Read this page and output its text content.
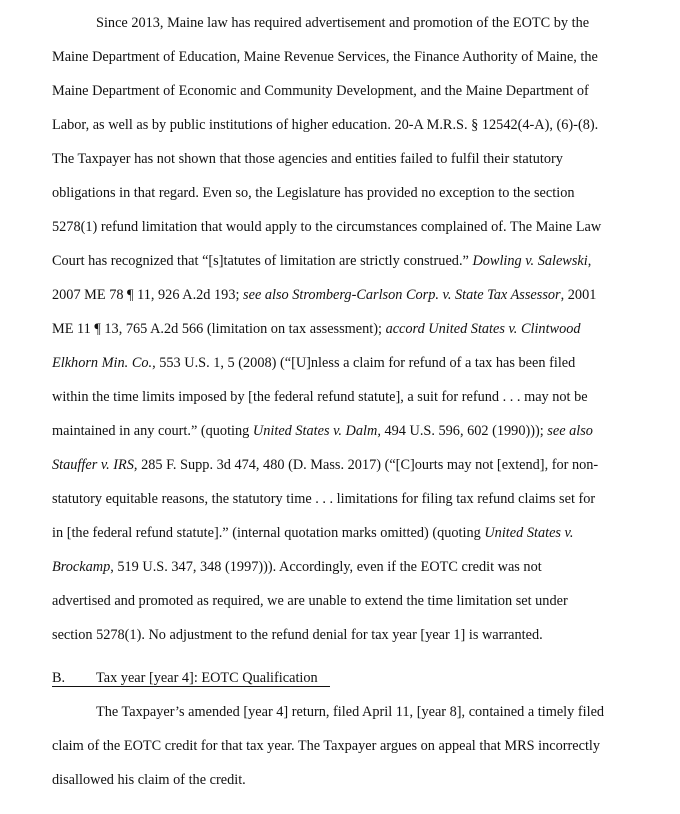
Since 2013, Maine law has required advertisement and promotion of the EOTC by the
Maine Department of Education, Maine Revenue Services, the Finance Authority of Maine, the
Maine Department of Economic and Community Development, and the Maine Department of
Labor, as well as by public institutions of higher education. 20-A M.R.S. § 12542(4-A), (6)-(8).
The Taxpayer has not shown that those agencies and entities failed to fulfil their statutory
obligations in that regard. Even so, the Legislature has provided no exception to the section
5278(1) refund limitation that would apply to the circumstances complained of. The Maine Law
Court has recognized that “[s]tatutes of limitation are strictly construed.” Dowling v. Salewski,
2007 ME 78 ¶ 11, 926 A.2d 193; see also Stromberg-Carlson Corp. v. State Tax Assessor, 2001
ME 11 ¶ 13, 765 A.2d 566 (limitation on tax assessment); accord United States v. Clintwood
Elkhorn Min. Co., 553 U.S. 1, 5 (2008) (“[U]nless a claim for refund of a tax has been filed
within the time limits imposed by [the federal refund statute], a suit for refund . . . may not be
maintained in any court.” (quoting United States v. Dalm, 494 U.S. 596, 602 (1990))); see also
Stauffer v. IRS, 285 F. Supp. 3d 474, 480 (D. Mass. 2017) (“[C]ourts may not [extend], for non-
statutory equitable reasons, the statutory time . . . limitations for filing tax refund claims set for
in [the federal refund statute].” (internal quotation marks omitted) (quoting United States v.
Brockamp, 519 U.S. 347, 348 (1997))). Accordingly, even if the EOTC credit was not
advertised and promoted as required, we are unable to extend the time limitation set under
section 5278(1). No adjustment to the refund denial for tax year [year 1] is warranted.
B. Tax year [year 4]: EOTC Qualification
The Taxpayer’s amended [year 4] return, filed April 11, [year 8], contained a timely filed
claim of the EOTC credit for that tax year. The Taxpayer argues on appeal that MRS incorrectly
disallowed his claim of the credit.
